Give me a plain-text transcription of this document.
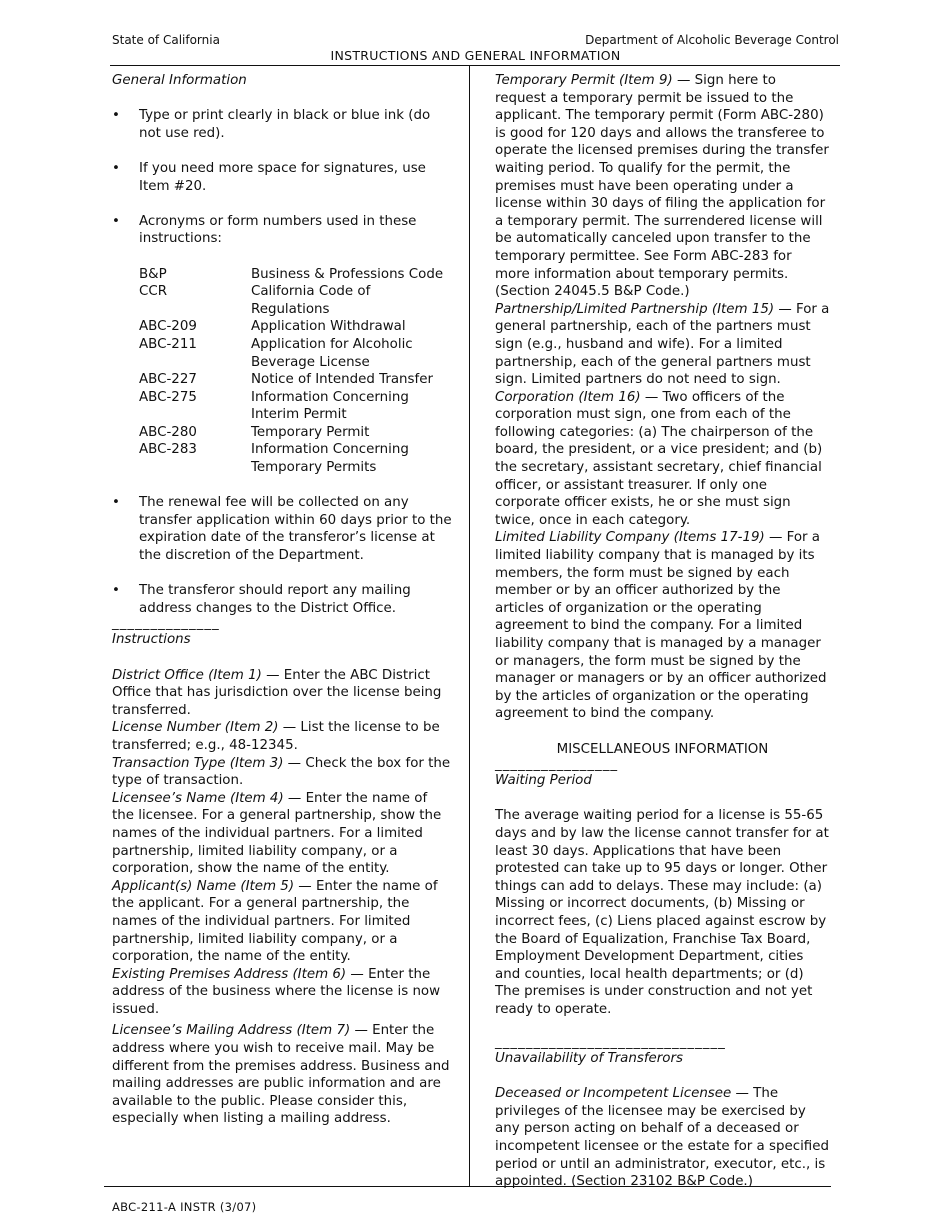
State of California	Department of Alcoholic Beverage Control
INSTRUCTIONS AND GENERAL INFORMATION

General Information

• Type or print clearly in black or blue ink (do not use red).
• If you need more space for signatures, use Item #20.
• Acronyms or form numbers used in these instructions:
B&P	Business & Professions Code
CCR	California Code of Regulations
ABC-209	Application Withdrawal
ABC-211	Application for Alcoholic Beverage License
ABC-227	Notice of Intended Transfer
ABC-275	Information Concerning Interim Permit
ABC-280	Temporary Permit
ABC-283	Information Concerning Temporary Permits
• The renewal fee will be collected on any transfer application within 60 days prior to the expiration date of the transferor’s license at the discretion of the Department.
• The transferor should report any mailing address changes to the District Office.
______________

Instructions

District Office (Item 1) — Enter the ABC District Office that has jurisdiction over the license being transferred.

License Number (Item 2) — List the license to be transferred; e.g., 48-12345.

Transaction Type (Item 3) — Check the box for the type of transaction.

Licensee’s Name (Item 4) — Enter the name of the licensee. For a general partnership, show the names of the individual partners. For a limited partnership, limited liability company, or a corporation, show the name of the entity.

Applicant(s) Name (Item 5) — Enter the name of the applicant. For a general partnership, the names of the individual partners. For limited partnership, limited liability company, or a corporation, the name of the entity.

Existing Premises Address (Item 6) — Enter the address of the business where the license is now issued.

Licensee’s Mailing Address (Item 7) — Enter the address where you wish to receive mail. May be different from the premises address. Business and mailing addresses are public information and are available to the public. Please consider this, especially when listing a mailing address.

Temporary Permit (Item 9) — Sign here to request a temporary permit be issued to the applicant. The temporary permit (Form ABC-280) is good for 120 days and allows the transferee to operate the licensed premises during the transfer waiting period. To qualify for the permit, the premises must have been operating under a license within 30 days of filing the application for a temporary permit. The surrendered license will be automatically canceled upon transfer to the temporary permittee. See Form ABC-283 for more information about temporary permits. (Section 24045.5 B&P Code.)

Partnership/Limited Partnership (Item 15) — For a general partnership, each of the partners must sign (e.g., husband and wife). For a limited partnership, each of the general partners must sign. Limited partners do not need to sign.

Corporation (Item 16) — Two officers of the corporation must sign, one from each of the following categories: (a) The chairperson of the board, the president, or a vice president; and (b) the secretary, assistant secretary, chief financial officer, or assistant treasurer. If only one corporate officer exists, he or she must sign twice, once in each category.

Limited Liability Company (Items 17-19) — For a limited liability company that is managed by its members, the form must be signed by each member or by an officer authorized by the articles of organization or the operating agreement to bind the company. For a limited liability company that is managed by a manager or managers, the form must be signed by the manager or managers or by an officer authorized by the articles of organization or the operating agreement to bind the company.

MISCELLANEOUS INFORMATION

________________

Waiting Period

The average waiting period for a license is 55-65 days and by law the license cannot transfer for at least 30 days. Applications that have been protested can take up to 95 days or longer. Other things can add to delays. These may include: (a) Missing or incorrect documents, (b) Missing or incorrect fees, (c) Liens placed against escrow by the Board of Equalization, Franchise Tax Board, Employment Development Department, cities and counties, local health departments; or (d) The premises is under construction and not yet ready to operate.

______________________________

Unavailability of Transferors

Deceased or Incompetent Licensee — The privileges of the licensee may be exercised by any person acting on behalf of a deceased or incompetent licensee or the estate for a specified period or until an administrator, executor, etc., is appointed. (Section 23102 B&P Code.)

ABC-211-A INSTR (3/07)
